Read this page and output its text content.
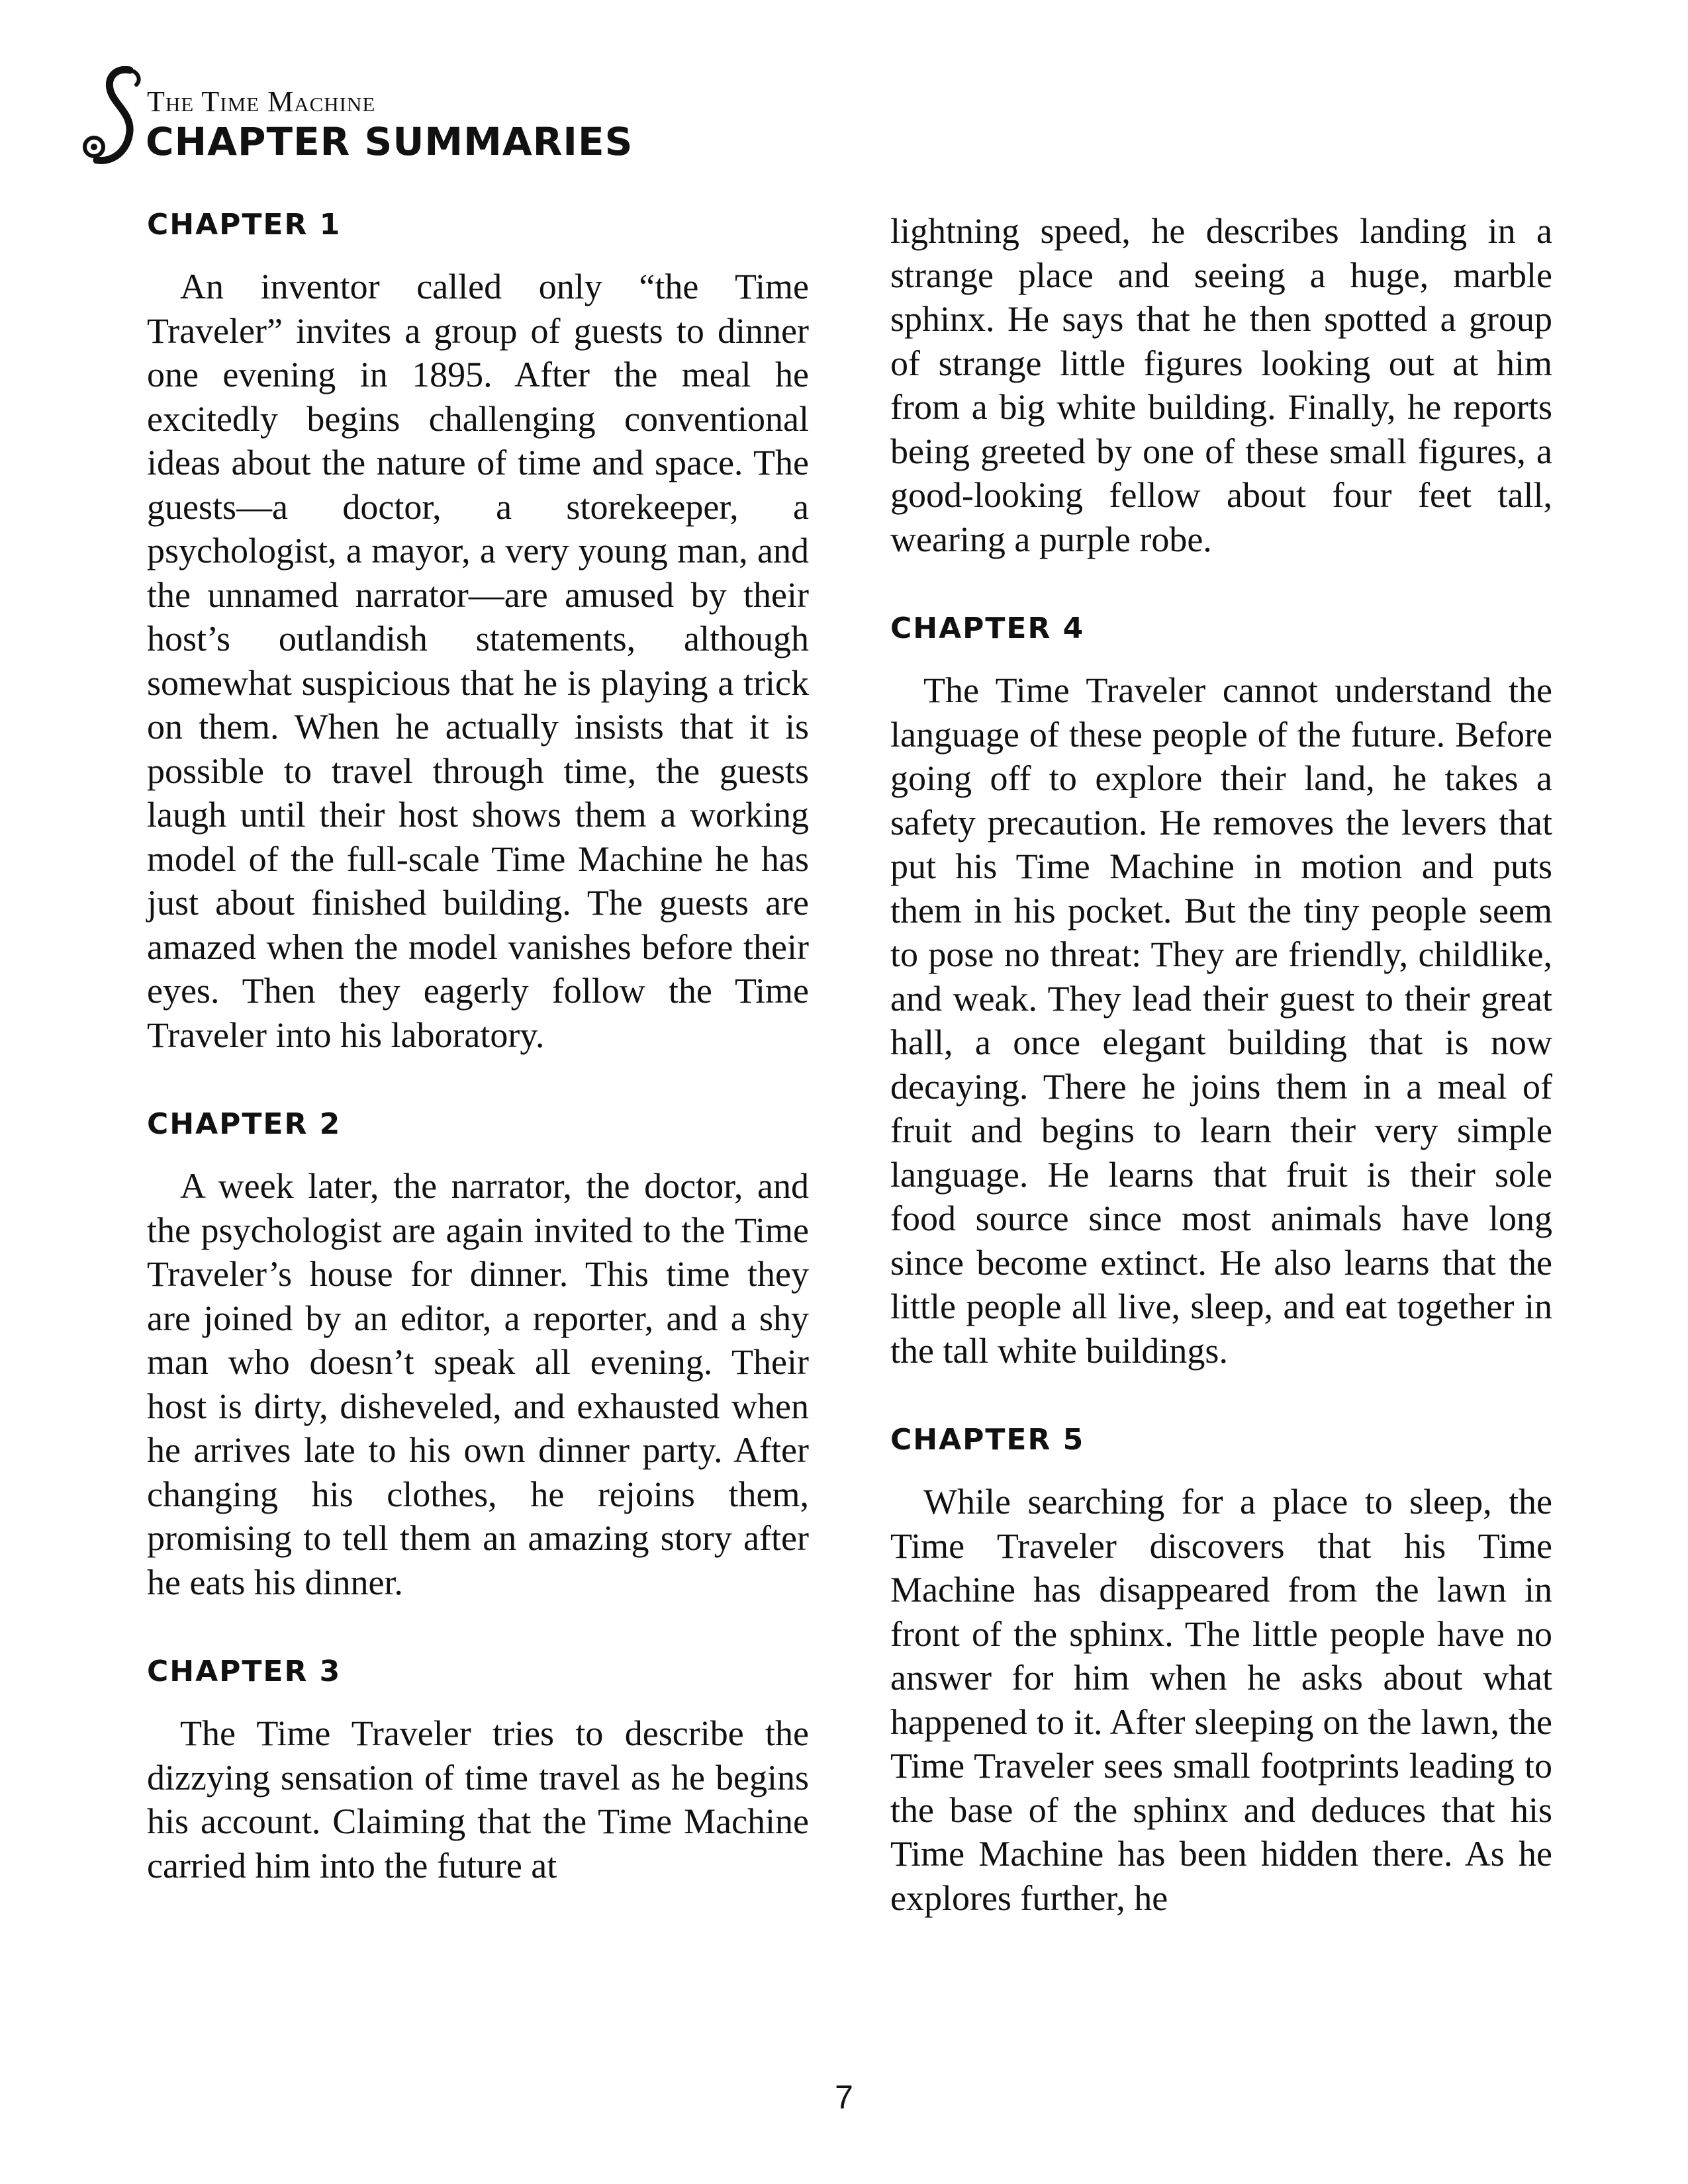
The Time Machine
CHAPTER SUMMARIES
CHAPTER 1

An inventor called only “the Time Traveler” invites a group of guests to dinner one evening in 1895. After the meal he excitedly begins challenging conventional ideas about the nature of time and space. The guests—a doctor, a storekeeper, a psychologist, a mayor, a very young man, and the unnamed narrator—are amused by their host’s outlandish statements, although somewhat suspicious that he is playing a trick on them. When he actually insists that it is possible to travel through time, the guests laugh until their host shows them a working model of the full-scale Time Machine he has just about finished building. The guests are amazed when the model vanishes before their eyes. Then they eagerly follow the Time Traveler into his laboratory.

CHAPTER 2

A week later, the narrator, the doctor, and the psychologist are again invited to the Time Traveler’s house for dinner. This time they are joined by an editor, a reporter, and a shy man who doesn’t speak all evening. Their host is dirty, disheveled, and exhausted when he arrives late to his own dinner party. After changing his clothes, he rejoins them, promising to tell them an amazing story after he eats his dinner.

CHAPTER 3

The Time Traveler tries to describe the dizzying sensation of time travel as he begins his account. Claiming that the Time Machine carried him into the future at

lightning speed, he describes landing in a strange place and seeing a huge, marble sphinx. He says that he then spotted a group of strange little figures looking out at him from a big white building. Finally, he reports being greeted by one of these small figures, a good-looking fellow about four feet tall, wearing a purple robe.

CHAPTER 4

The Time Traveler cannot understand the language of these people of the future. Before going off to explore their land, he takes a safety precaution. He removes the levers that put his Time Machine in motion and puts them in his pocket. But the tiny people seem to pose no threat: They are friendly, childlike, and weak. They lead their guest to their great hall, a once elegant building that is now decaying. There he joins them in a meal of fruit and begins to learn their very simple language. He learns that fruit is their sole food source since most animals have long since become extinct. He also learns that the little people all live, sleep, and eat together in the tall white buildings.

CHAPTER 5

While searching for a place to sleep, the Time Traveler discovers that his Time Machine has disappeared from the lawn in front of the sphinx. The little people have no answer for him when he asks about what happened to it. After sleeping on the lawn, the Time Traveler sees small footprints leading to the base of the sphinx and deduces that his Time Machine has been hidden there. As he explores further, he

7
